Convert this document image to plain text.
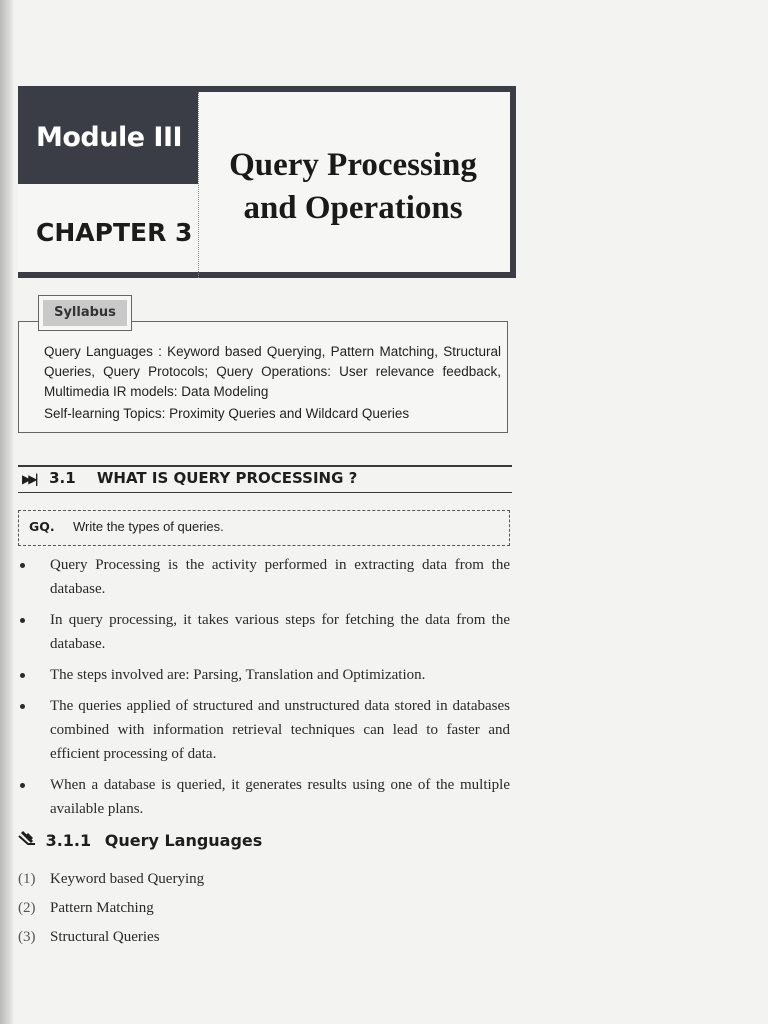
Module III
CHAPTER 3
Query Processing
and Operations
Syllabus

Query Languages : Keyword based Querying, Pattern Matching, Structural Queries, Query Protocols; Query Operations: User relevance feedback, Multimedia IR models: Data Modeling

Self-learning Topics: Proximity Queries and Wildcard Queries

▶▶| 3.1 WHAT IS QUERY PROCESSING ?
GQ. Write the types of queries.
Query Processing is the activity performed in extracting data from the database.
In query processing, it takes various steps for fetching the data from the database.
The steps involved are: Parsing, Translation and Optimization.
The queries applied of structured and unstructured data stored in databases combined with information retrieval techniques can lead to faster and efficient processing of data.
When a database is queried, it generates results using one of the multiple available plans.
3.1.1 Query Languages
(1) Keyword based Querying
(2) Pattern Matching
(3) Structural Queries
